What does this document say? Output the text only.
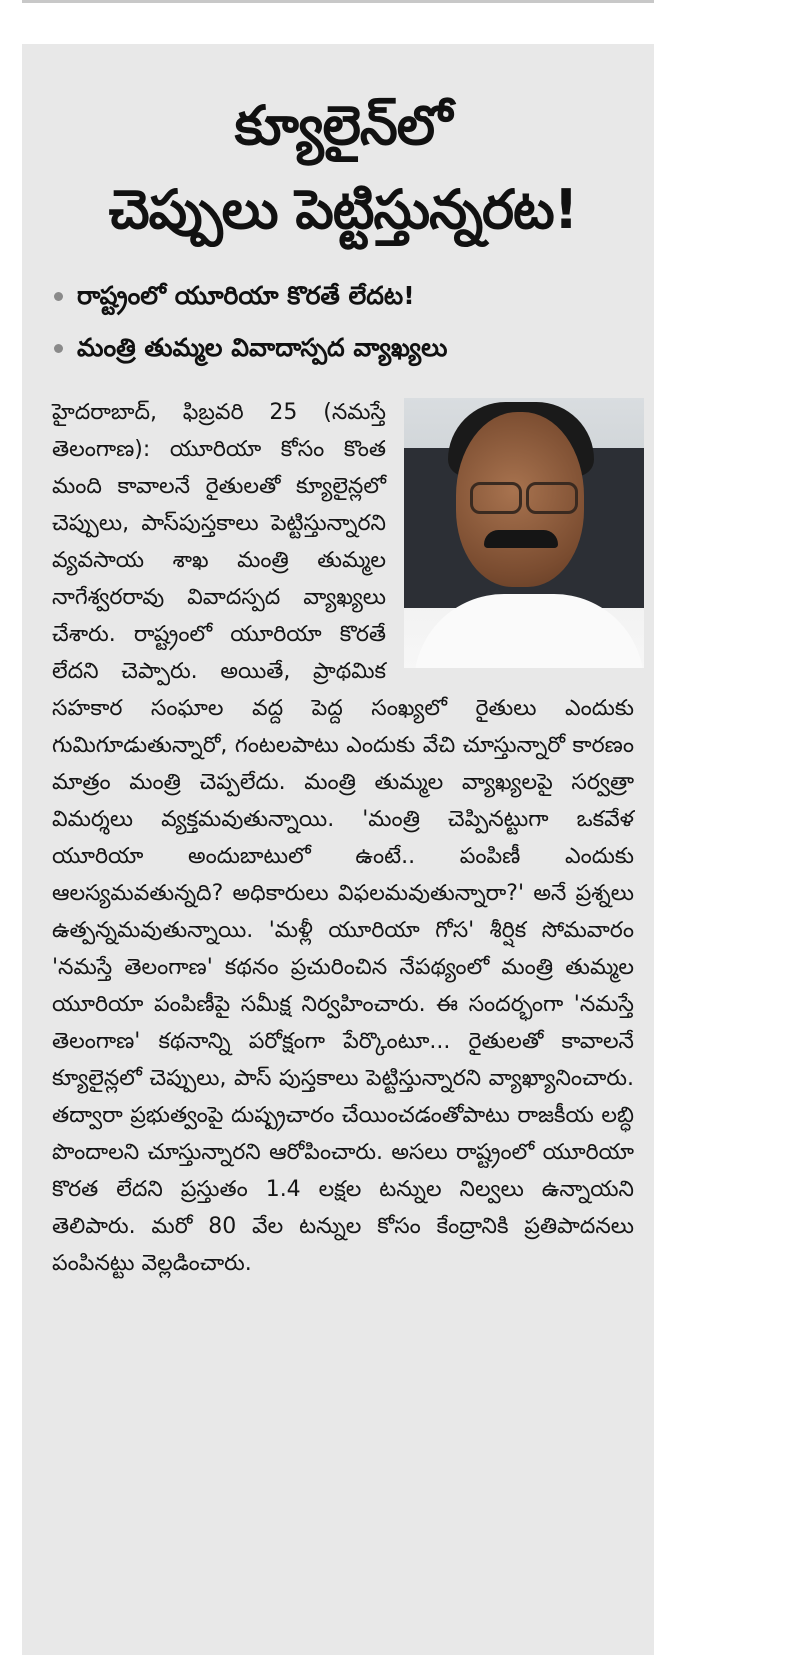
క్యూలైన్‌లో
చెప్పులు పెట్టిస్తున్నరట!
రాష్ట్రంలో యూరియా కొరతే లేదట!
మంత్రి తుమ్మల వివాదాస్పద వ్యాఖ్యలు

హైదరాబాద్, ఫిబ్రవరి 25 (నమస్తే తెలంగాణ): యూరియా కోసం కొంత మంది కావాలనే రైతులతో క్యూలైన్లలో చెప్పులు, పాస్‌పుస్తకాలు పెట్టిస్తున్నారని వ్యవసాయ శాఖ మంత్రి తుమ్మల నాగేశ్వరరావు వివాదస్పద వ్యాఖ్యలు చేశారు. రాష్ట్రంలో యూరియా కొరతే లేదని చెప్పారు. అయితే, ప్రాథమిక సహకార సంఘాల వద్ద పెద్ద సంఖ్యలో రైతులు ఎందుకు గుమిగూడుతున్నారో, గంటలపాటు ఎందుకు వేచి చూస్తున్నారో కారణం మాత్రం మంత్రి చెప్పలేదు. మంత్రి తుమ్మల వ్యాఖ్యలపై సర్వత్రా విమర్శలు వ్యక్తమవుతున్నాయి. 'మంత్రి చెప్పినట్టుగా ఒకవేళ యూరియా అందుబాటులో ఉంటే.. పంపిణీ ఎందుకు ఆలస్యమవతున్నది? అధికారులు విఫలమవుతున్నారా?' అనే ప్రశ్నలు ఉత్పన్నమవుతున్నాయి. 'మళ్లీ యూరియా గోస' శీర్షిక సోమవారం 'నమస్తే తెలంగాణ' కథనం ప్రచురించిన నేపథ్యంలో మంత్రి తుమ్మల యూరియా పంపిణీపై సమీక్ష నిర్వహించారు. ఈ సందర్భంగా 'నమస్తే తెలంగాణ' కథనాన్ని పరోక్షంగా పేర్కొంటూ... రైతులతో కావాలనే క్యూలైన్లలో చెప్పులు, పాస్ పుస్తకాలు పెట్టిస్తున్నారని వ్యాఖ్యానించారు. తద్వారా ప్రభుత్వంపై దుష్ప్రచారం చేయించడంతోపాటు రాజకీయ లబ్ధి పొందాలని చూస్తున్నారని ఆరోపించారు. అసలు రాష్ట్రంలో యూరియా కొరత లేదని ప్రస్తుతం 1.4 లక్షల టన్నుల నిల్వలు ఉన్నాయని తెలిపారు. మరో 80 వేల టన్నుల కోసం కేంద్రానికి ప్రతిపాదనలు పంపినట్టు వెల్లడించారు.
